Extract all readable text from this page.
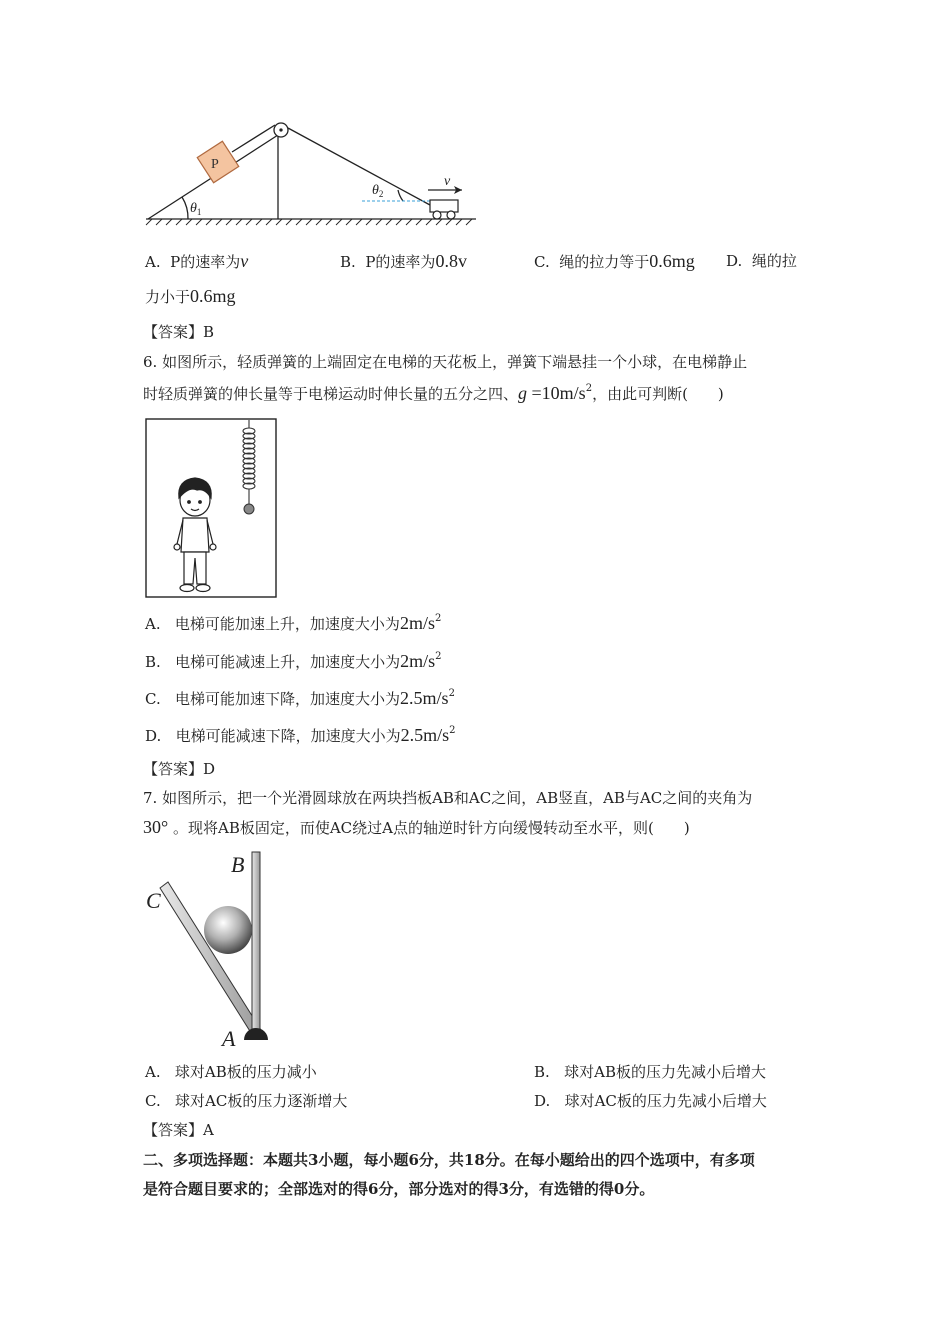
P
v
$\theta_1$
$\theta_2$
A. P的速率为v	B. P的速率为0.8v	C. 绳的拉力等于0.6mg D. 绳的拉
力小于0.6mg
【答案】B
6. 如图所示，轻质弹簧的上端固定在电梯的天花板上，弹簧下端悬挂一个小球，在电梯静止
时轻质弹簧的伸长量等于电梯运动时伸长量的五分之四、$g =10m/s^2$，由此可判断(　　)
A. 电梯可能加速上升，加速度大小为$2m/s^2$
B. 电梯可能减速上升，加速度大小为$2m/s^2$
C. 电梯可能加速下降，加速度大小为$2.5m/s^2$
D. 电梯可能减速下降，加速度大小为$2.5m/s^2$
【答案】D
7. 如图所示，把一个光滑圆球放在两块挡板AB和AC之间，AB竖直，AB与AC之间的夹角为
30° 。现将AB板固定，而使AC绕过A点的轴逆时针方向缓慢转动至水平，则(　　)
C
B
A
A. 球对AB板的压力减小	B. 球对AB板的压力先减小后增大
C. 球对AC板的压力逐渐增大	D. 球对AC板的压力先减小后增大
【答案】A
二、多项选择题：本题共3小题，每小题6分，共18分。在每小题给出的四个选项中，有多项
是符合题目要求的；全部选对的得6分，部分选对的得3分，有选错的得0分。
